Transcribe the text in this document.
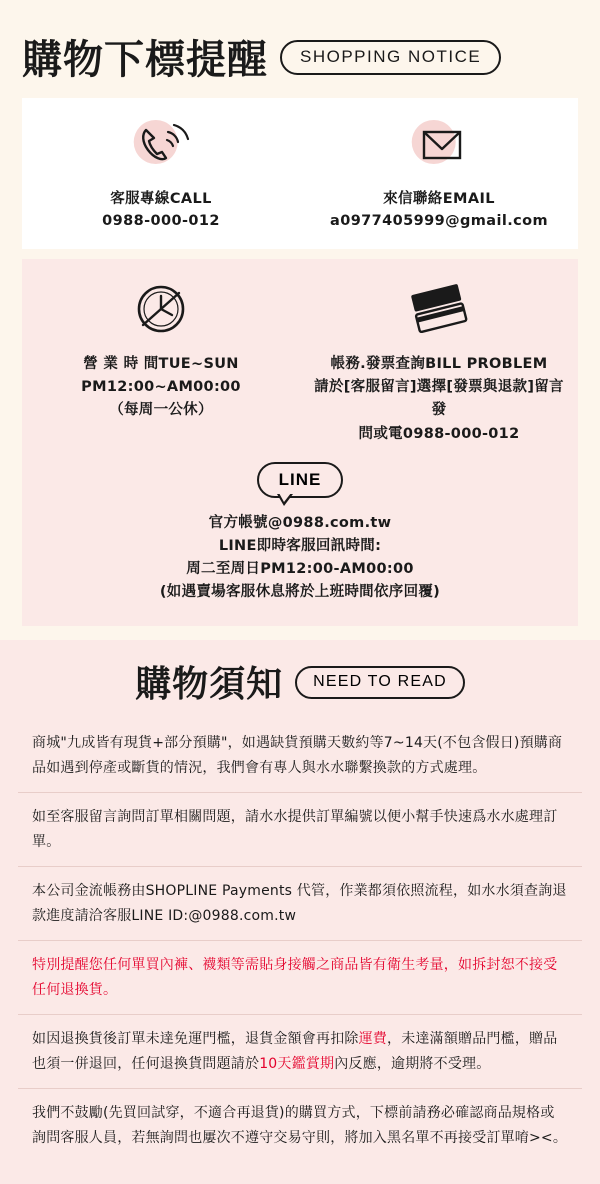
購物下標提醒	SHOPPING NOTICE
客服專線CALL
0988-000-012
來信聯絡EMAIL
a0977405999@gmail.com
營 業 時 間TUE~SUN
PM12:00~AM00:00
（每周一公休）
帳務.發票查詢BILL PROBLEM
請於[客服留言]選擇[發票與退款]留言發
問或電0988-000-012
LINE
官方帳號@0988.com.tw
LINE即時客服回訊時間:
周二至周日PM12:00-AM00:00
(如遇賣場客服休息將於上班時間依序回覆)
購物須知	NEED TO READ
商城"九成皆有現貨+部分預購"，如遇缺貨預購天數約等7~14天(不包含假日)預購商品如遇到停產或斷貨的情況，我們會有專人與水水聯繫換款的方式處理。
如至客服留言詢問訂單相關問題，請水水提供訂單編號以便小幫手快速爲水水處理訂單。
本公司金流帳務由SHOPLINE Payments 代管，作業都須依照流程，如水水須查詢退款進度請洽客服LINE ID:@0988.com.tw
特別提醒您任何單買內褲、襪類等需貼身接觸之商品皆有衛生考量，如拆封恕不接受任何退換貨。
如因退換貨後訂單未達免運門檻，退貨金額會再扣除運費，未達滿額贈品門檻，贈品也須一併退回，任何退換貨問題請於10天鑑賞期內反應，逾期將不受理。
我們不鼓勵(先買回試穿，不適合再退貨)的購買方式，下標前請務必確認商品規格或詢問客服人員，若無詢問也屢次不遵守交易守則，將加入黑名單不再接受訂單唷><。
